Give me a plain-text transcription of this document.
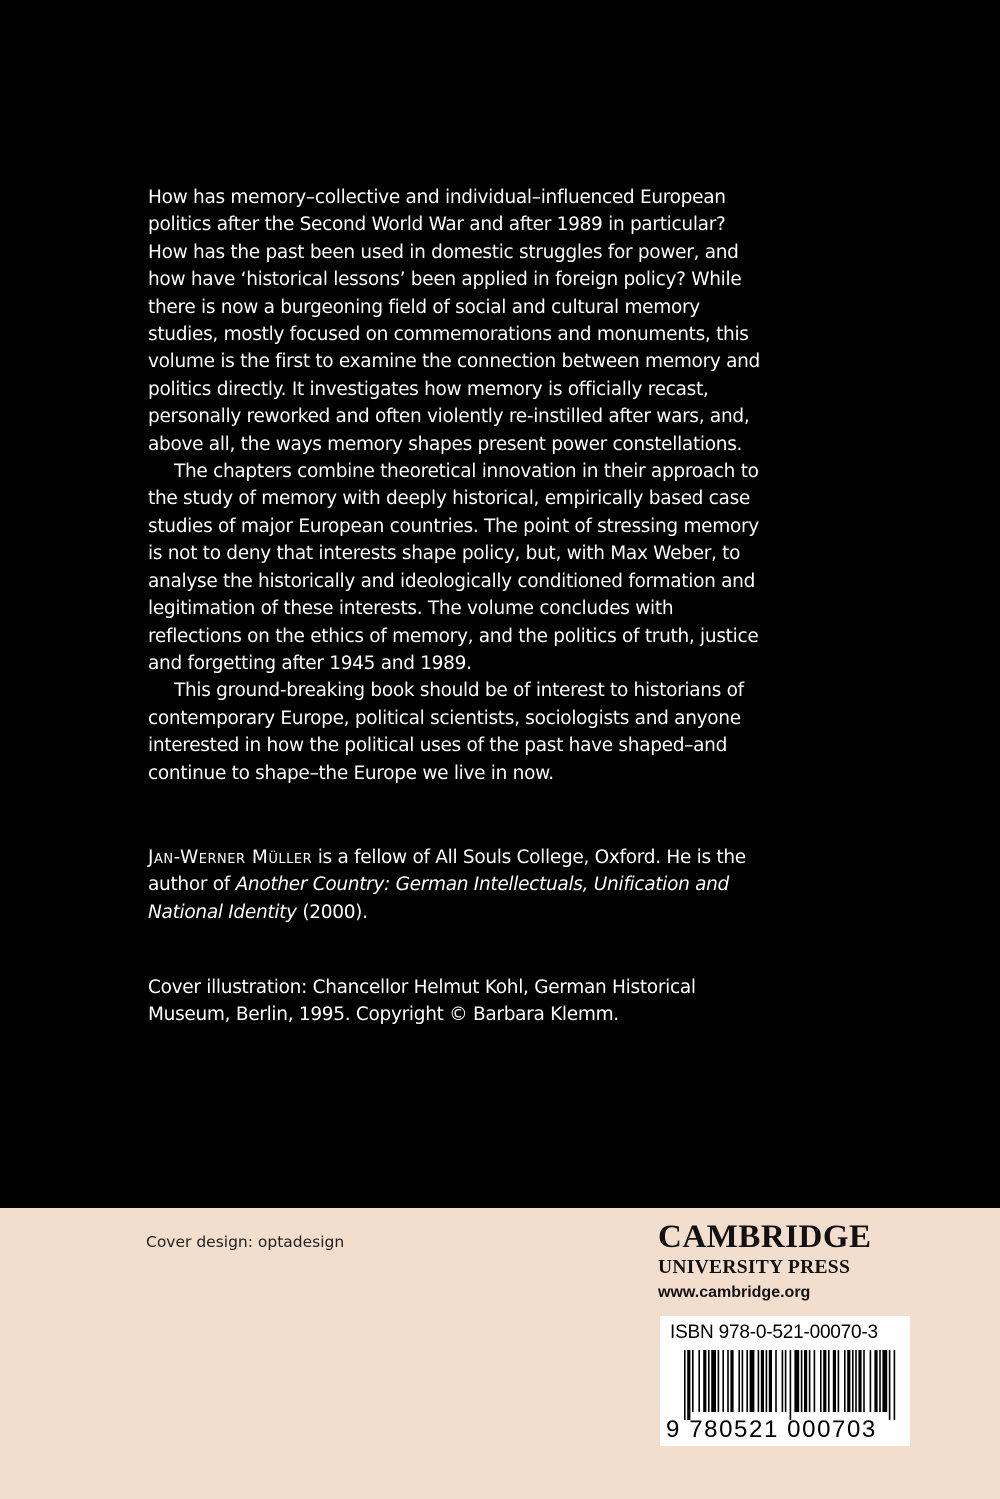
How has memory–collective and individual–influenced European politics after the Second World War and after 1989 in particular? How has the past been used in domestic struggles for power, and how have ‘historical lessons’ been applied in foreign policy? While there is now a burgeoning field of social and cultural memory studies, mostly focused on commemorations and monuments, this volume is the first to examine the connection between memory and politics directly. It investigates how memory is officially recast, personally reworked and often violently re-instilled after wars, and, above all, the ways memory shapes present power constellations.

The chapters combine theoretical innovation in their approach to the study of memory with deeply historical, empirically based case studies of major European countries. The point of stressing memory is not to deny that interests shape policy, but, with Max Weber, to analyse the historically and ideologically conditioned formation and legitimation of these interests. The volume concludes with reflections on the ethics of memory, and the politics of truth, justice and forgetting after 1945 and 1989.

This ground-breaking book should be of interest to historians of contemporary Europe, political scientists, sociologists and anyone interested in how the political uses of the past have shaped–and continue to shape–the Europe we live in now.

Jan-Werner Müller is a fellow of All Souls College, Oxford. He is the author of Another Country: German Intellectuals, Unification and National Identity (2000).
Cover illustration: Chancellor Helmut Kohl, German Historical Museum, Berlin, 1995. Copyright © Barbara Klemm.
Cover design: optadesign	CAMBRIDGE
UNIVERSITY PRESS
www.cambridge.org
ISBN 978-0-521-00070-3
9 780521 000703
